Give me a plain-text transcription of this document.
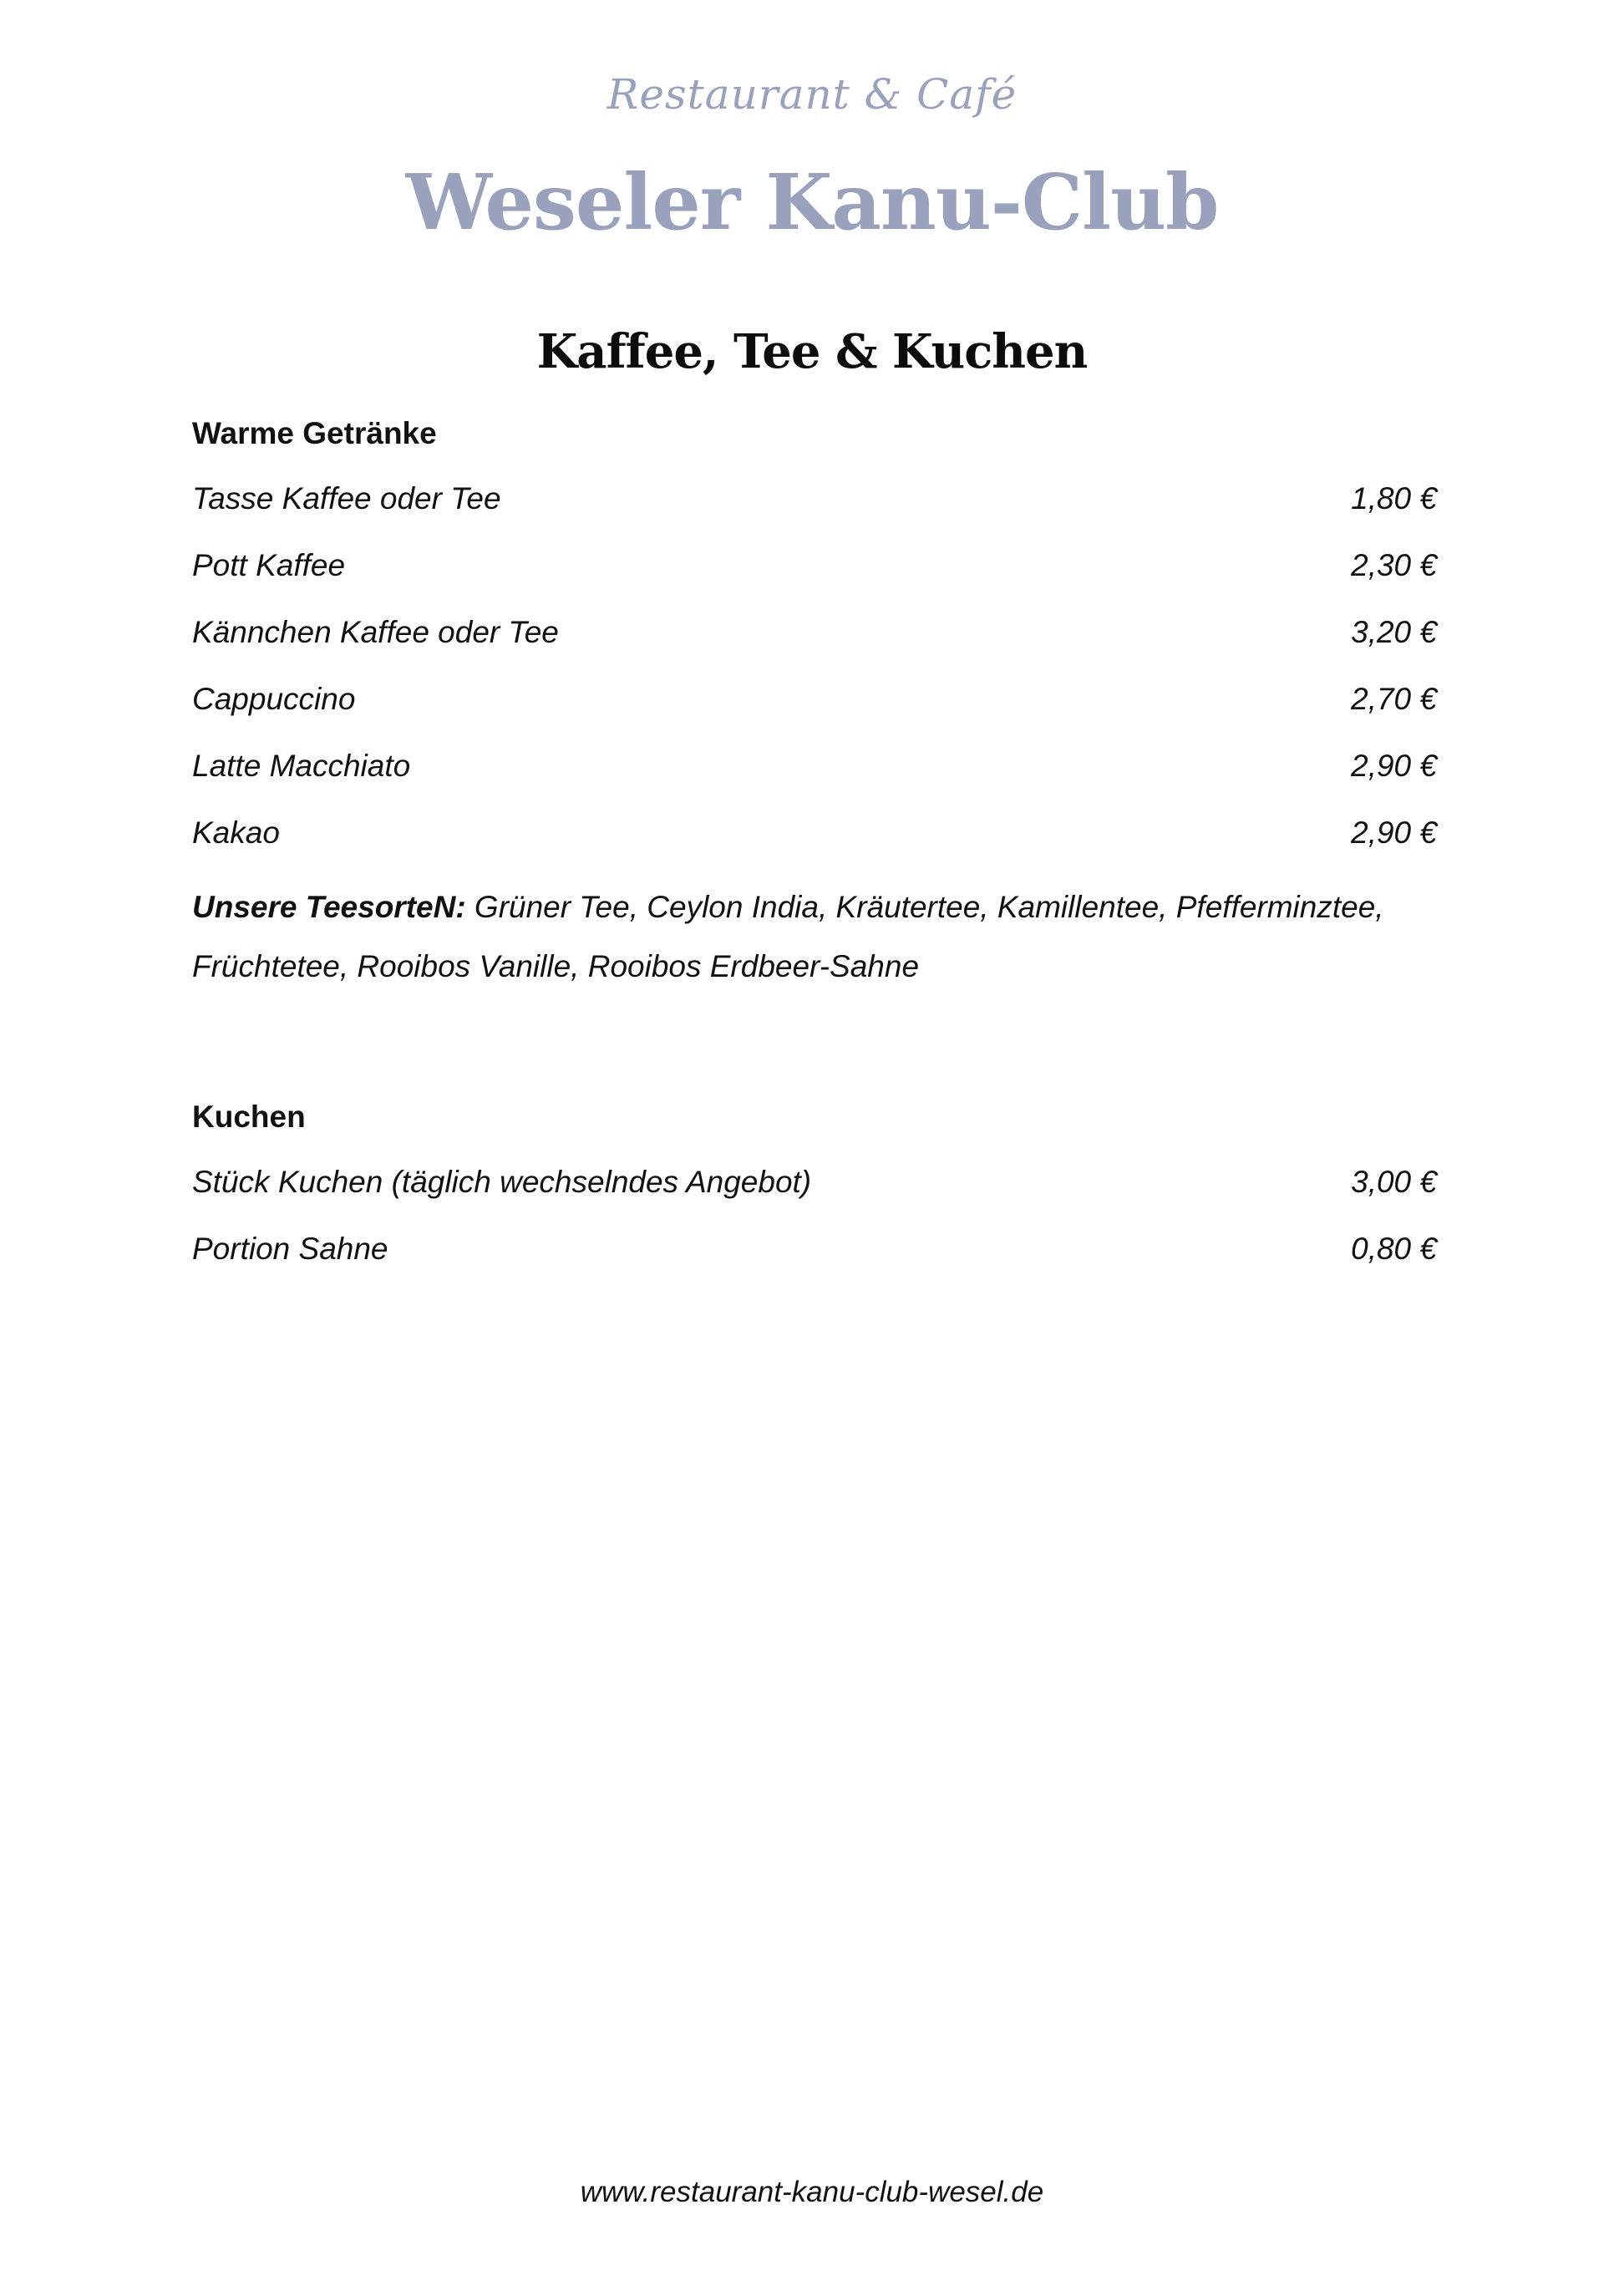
Restaurant & Café
Weseler Kanu-Club
Kaffee, Tee & Kuchen
Warme Getränke
Tasse Kaffee oder Tee	1,80 €
Pott Kaffee	2,30 €
Kännchen Kaffee oder Tee	3,20 €
Cappuccino	2,70 €
Latte Macchiato	2,90 €
Kakao	2,90 €
Unsere TeesorteN: Grüner Tee, Ceylon India, Kräutertee, Kamillentee, Pfefferminztee, Früchtetee, Rooibos Vanille, Rooibos Erdbeer-Sahne
Kuchen
Stück Kuchen (täglich wechselndes Angebot)	3,00 €
Portion Sahne	0,80 €
www.restaurant-kanu-club-wesel.de
